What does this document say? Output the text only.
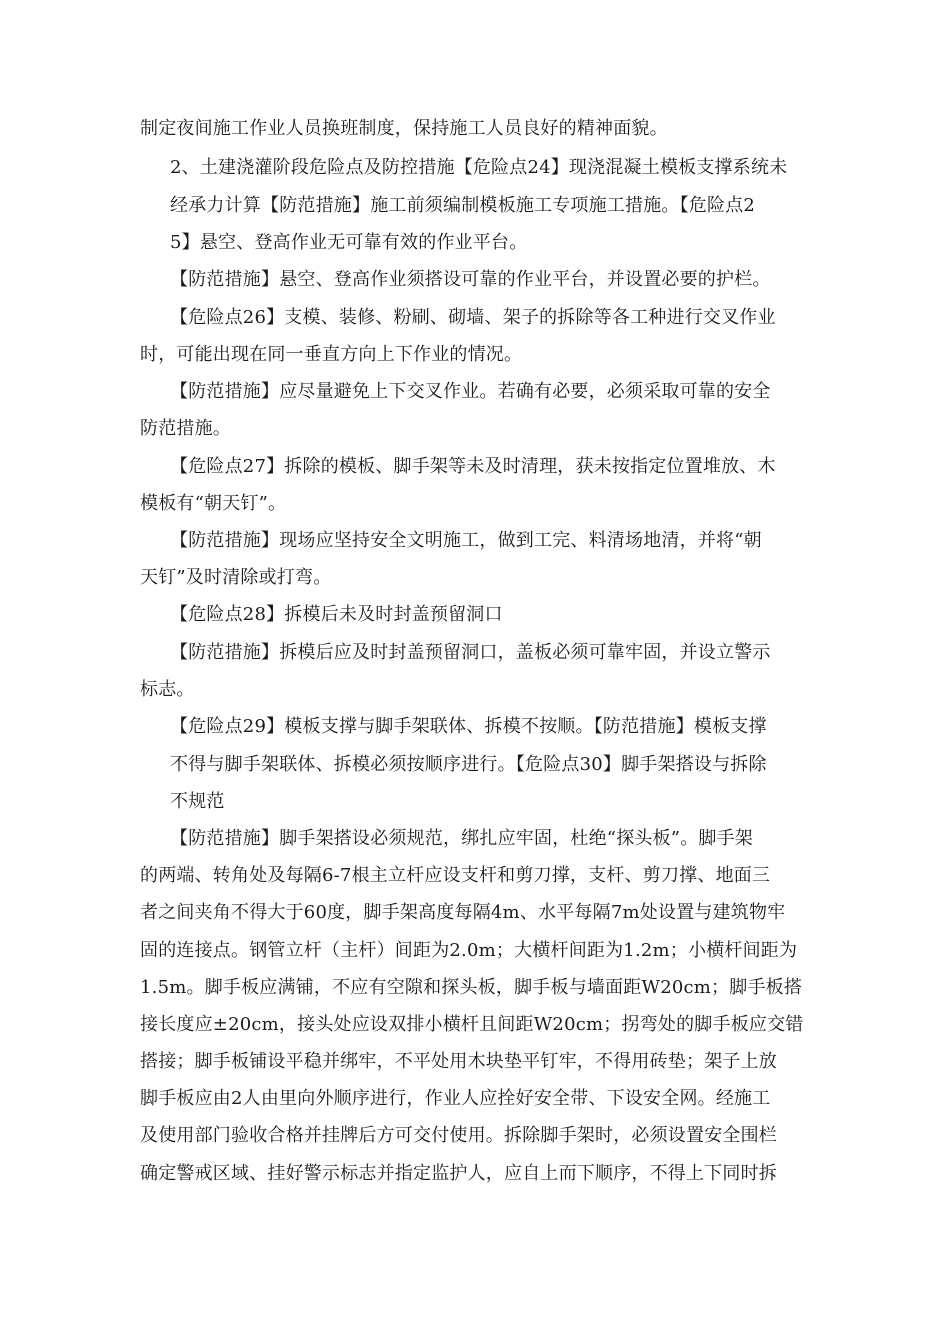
制定夜间施工作业人员换班制度，保持施工人员良好的精神面貌。
2、土建浇灌阶段危险点及防控措施【危险点24】现浇混凝土模板支撑系统未
经承力计算【防范措施】施工前须编制模板施工专项施工措施。【危险点2
5】悬空、登高作业无可靠有效的作业平台。
【防范措施】悬空、登高作业须搭设可靠的作业平台，并设置必要的护栏。
【危险点26】支模、装修、粉刷、砌墙、架子的拆除等各工种进行交叉作业
时，可能出现在同一垂直方向上下作业的情况。
【防范措施】应尽量避免上下交叉作业。若确有必要，必须采取可靠的安全
防范措施。
【危险点27】拆除的模板、脚手架等未及时清理，获未按指定位置堆放、木
模板有“朝天钉”。
【防范措施】现场应坚持安全文明施工，做到工完、料清场地清，并将“朝
天钉”及时清除或打弯。
【危险点28】拆模后未及时封盖预留洞口
【防范措施】拆模后应及时封盖预留洞口，盖板必须可靠牢固，并设立警示
标志。
【危险点29】模板支撑与脚手架联体、拆模不按顺。【防范措施】模板支撑
不得与脚手架联体、拆模必须按顺序进行。【危险点30】脚手架搭设与拆除
不规范
【防范措施】脚手架搭设必须规范，绑扎应牢固，杜绝“探头板”。脚手架
的两端、转角处及每隔6-7根主立杆应设支杆和剪刀撑，支杆、剪刀撑、地面三
者之间夹角不得大于60度，脚手架高度每隔4m、水平每隔7m处设置与建筑物牢
固的连接点。钢管立杆（主杆）间距为2.0m；大横杆间距为1.2m；小横杆间距为
1.5m。脚手板应满铺，不应有空隙和探头板，脚手板与墙面距W20cm；脚手板搭
接长度应±20cm，接头处应设双排小横杆且间距W20cm；拐弯处的脚手板应交错
搭接；脚手板铺设平稳并绑牢，不平处用木块垫平钉牢，不得用砖垫；架子上放
脚手板应由2人由里向外顺序进行，作业人应拴好安全带、下设安全网。经施工
及使用部门验收合格并挂牌后方可交付使用。拆除脚手架时，必须设置安全围栏
确定警戒区域、挂好警示标志并指定监护人，应自上而下顺序，不得上下同时拆
